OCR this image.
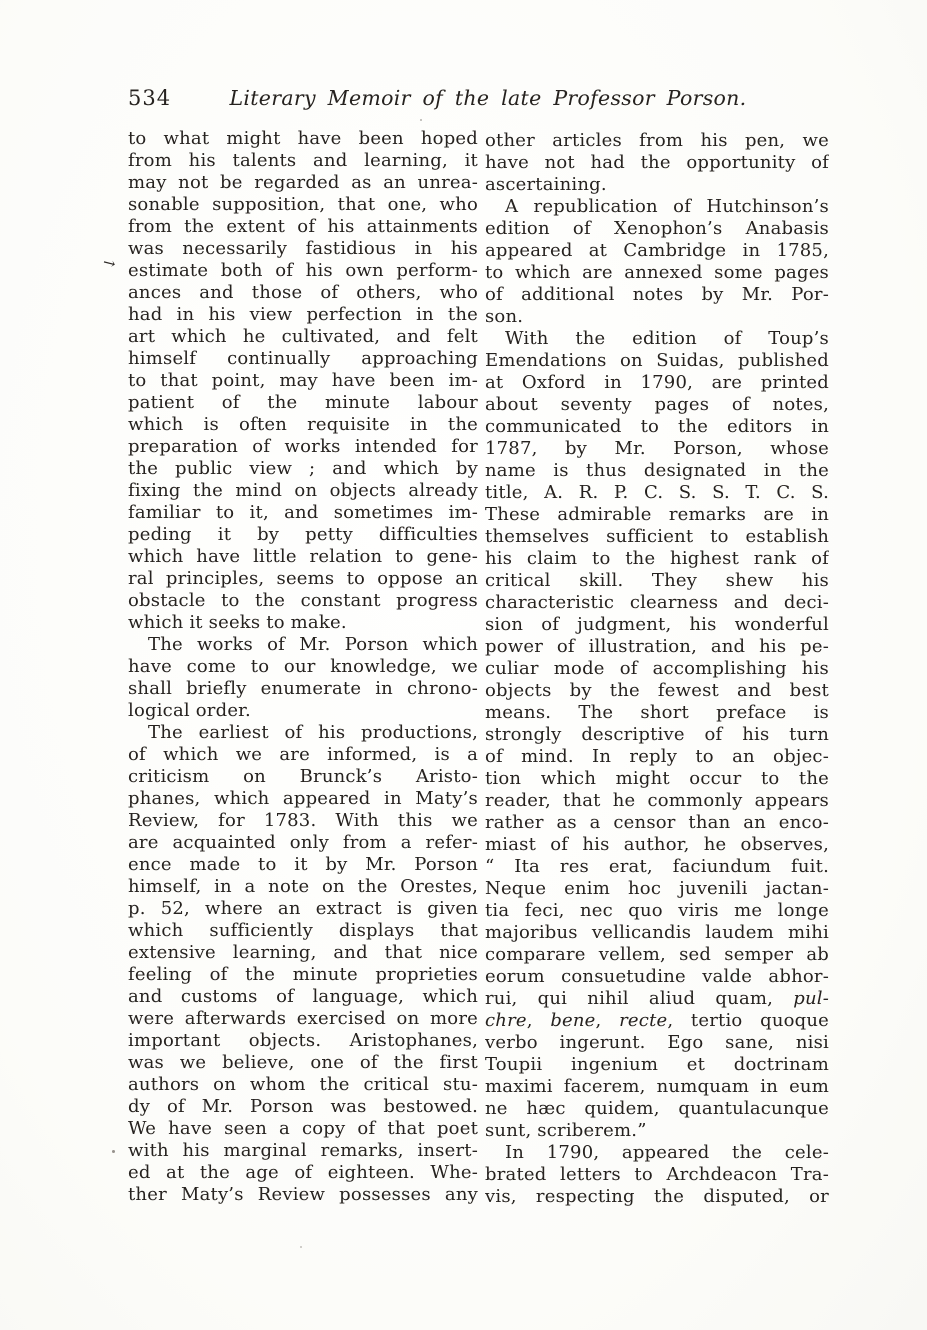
534	Literary Memoir of the late Professor Porson.
→
to what might have been hoped
from his talents and learning, it
may not be regarded as an unrea-
sonable supposition, that one, who
from the extent of his attainments
was necessarily fastidious in his
estimate both of his own perform-
ances and those of others, who
had in his view perfection in the
art which he cultivated, and felt
himself continually approaching
to that point, may have been im-
patient of the minute labour
which is often requisite in the
preparation of works intended for
the public view ; and which by
fixing the mind on objects already
familiar to it, and sometimes im-
peding it by petty difficulties
which have little relation to gene-
ral principles, seems to oppose an
obstacle to the constant progress
which it seeks to make.
The works of Mr. Porson which
have come to our knowledge, we
shall briefly enumerate in chrono-
logical order.
The earliest of his productions,
of which we are informed, is a
criticism on Brunck’s Aristo-
phanes, which appeared in Maty’s
Review, for 1783. With this we
are acquainted only from a refer-
ence made to it by Mr. Porson
himself, in a note on the Orestes,
p. 52, where an extract is given
which sufficiently displays that
extensive learning, and that nice
feeling of the minute proprieties
and customs of language, which
were afterwards exercised on more
important objects. Aristophanes,
was we believe, one of the first
authors on whom the critical stu-
dy of Mr. Porson was bestowed.
We have seen a copy of that poet
with his marginal remarks, insert-
ed at the age of eighteen. Whe-
ther Maty’s Review possesses any
other articles from his pen, we
have not had the opportunity of
ascertaining.
A republication of Hutchinson’s
edition of Xenophon’s Anabasis
appeared at Cambridge in 1785,
to which are annexed some pages
of additional notes by Mr. Por-
son.
With the edition of Toup’s
Emendations on Suidas, published
at Oxford in 1790, are printed
about seventy pages of notes,
communicated to the editors in
1787, by Mr. Porson, whose
name is thus designated in the
title, A. R. P. C. S. S. T. C. S.
These admirable remarks are in
themselves sufficient to establish
his claim to the highest rank of
critical skill. They shew his
characteristic clearness and deci-
sion of judgment, his wonderful
power of illustration, and his pe-
culiar mode of accomplishing his
objects by the fewest and best
means. The short preface is
strongly descriptive of his turn
of mind. In reply to an objec-
tion which might occur to the
reader, that he commonly appears
rather as a censor than an enco-
miast of his author, he observes,
“ Ita res erat, faciundum fuit.
Neque enim hoc juvenili jactan-
tia feci, nec quo viris me longe
majoribus vellicandis laudem mihi
comparare vellem, sed semper ab
eorum consuetudine valde abhor-
rui, qui nihil aliud quam, pul-
chre, bene, recte, tertio quoque
verbo ingerunt. Ego sane, nisi
Toupii ingenium et doctrinam
maximi facerem, numquam in eum
ne hæc quidem, quantulacunque
sunt, scriberem.”
In 1790, appeared the cele-
brated letters to Archdeacon Tra-
vis, respecting the disputed, or
